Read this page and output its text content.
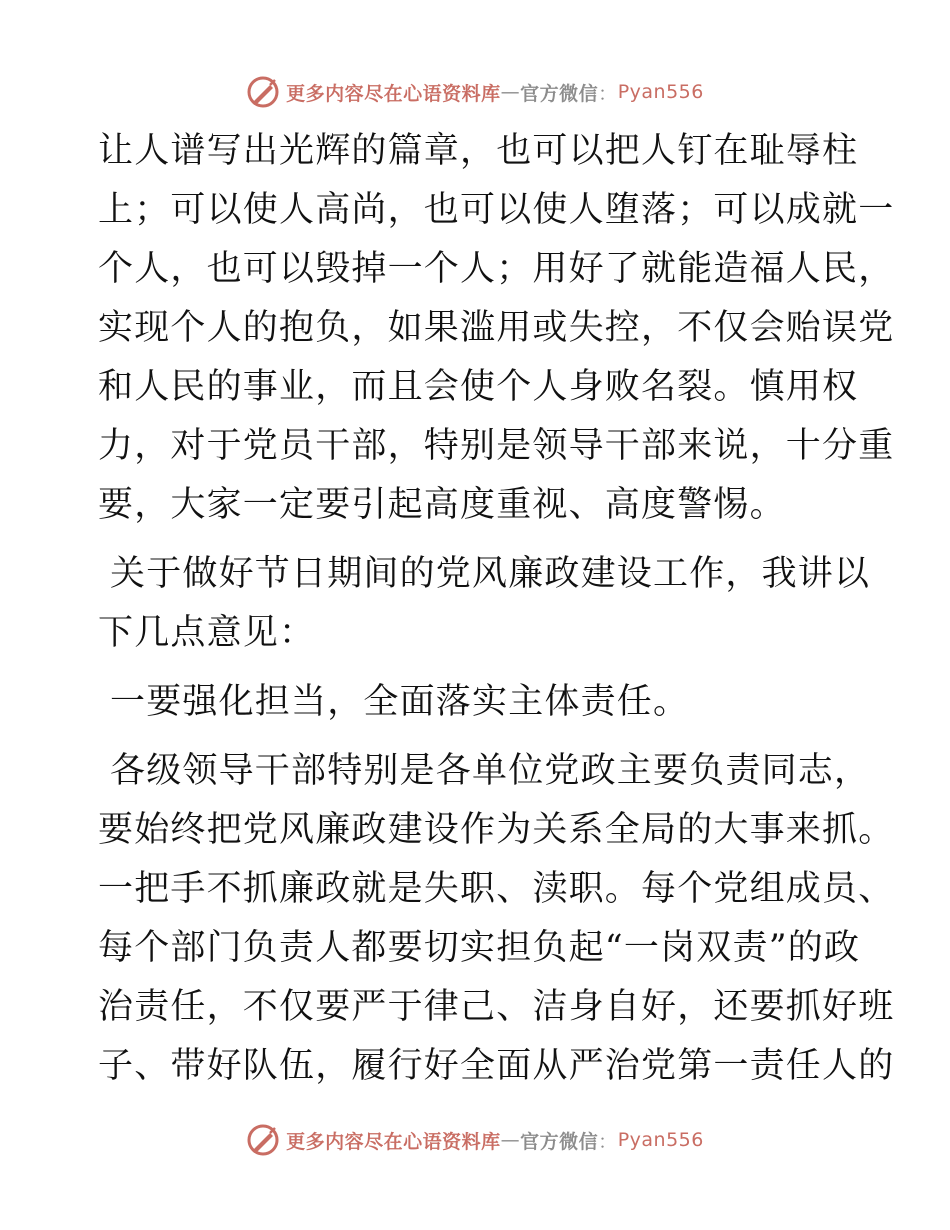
更多内容尽在心语资料库 — 官方微信 ： Pyan556
让人谱写出光辉的篇章，也可以把人钉在耻辱柱
上；可以使人高尚，也可以使人堕落；可以成就一
个人，也可以毁掉一个人；用好了就能造福人民，
实现个人的抱负，如果滥用或失控，不仅会贻误党
和人民的事业，而且会使个人身败名裂。慎用权
力，对于党员干部，特别是领导干部来说，十分重
要，大家一定要引起高度重视、高度警惕。
关于做好节日期间的党风廉政建设工作，我讲以
下几点意见：
一要强化担当，全面落实主体责任。
各级领导干部特别是各单位党政主要负责同志，
要始终把党风廉政建设作为关系全局的大事来抓。
一把手不抓廉政就是失职、渎职。每个党组成员、
每个部门负责人都要切实担负起“一岗双责”的政
治责任，不仅要严于律己、洁身自好，还要抓好班
子、带好队伍，履行好全面从严治党第一责任人的
更多内容尽在心语资料库 — 官方微信 ： Pyan556
